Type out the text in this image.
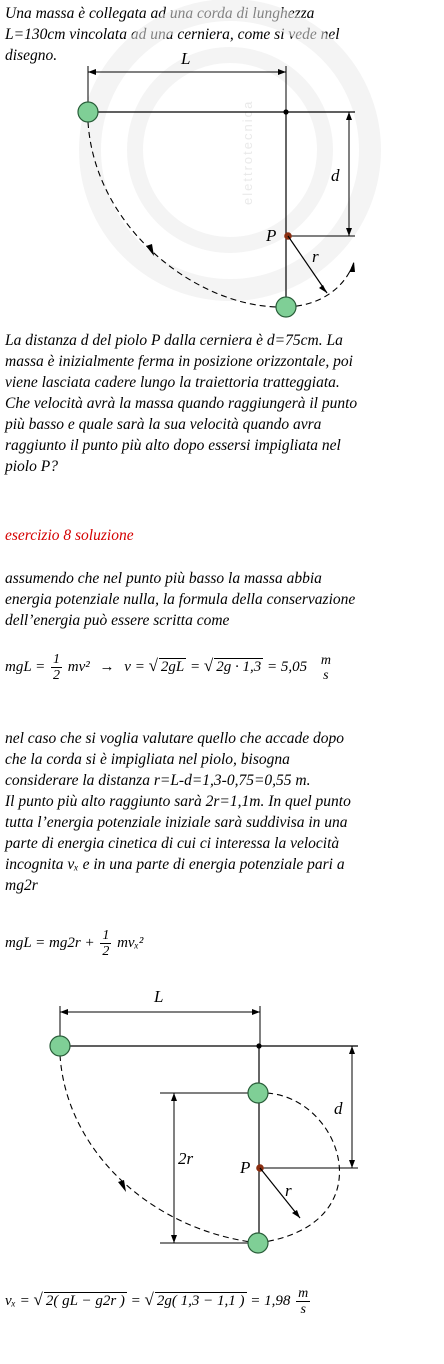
Una massa è collegata ad una corda di lunghezza
L=130cm vincolata ad una cerniera, come si vede nel
disegno.
elettrotecnica
L
d
P
r
L
d
2r	P
r
La distanza d del piolo P dalla cerniera è d=75cm. La
massa è inizialmente ferma in posizione orizzontale, poi
viene lasciata cadere lungo la traiettoria tratteggiata.
Che velocità avrà la massa quando raggiungerà il punto
più basso e quale sarà la sua velocità quando avra
raggiunto il punto più alto dopo essersi impigliata nel
piolo P?
esercizio 8 soluzione
assumendo che nel punto più basso la massa abbia
energia potenziale nulla, la formula della conservazione
dell’energia può essere scritta come
mgL = $\frac{1}{2} mv^2 \to v$ = √ 2gL = √ 2g · 1,3 = 5,05 m
s
nel caso che si voglia valutare quello che accade dopo
che la corda si è impigliata nel piolo, bisogna
considerare la distanza r=L-d=1,3-0,75=0,55 m.
Il punto più alto raggiunto sarà 2r=1,1m. In quel punto
tutta l’energia potenziale iniziale sarà suddivisa in una
parte di energia cinetica di cui ci interessa la velocità
incognita vₓ e in una parte di energia potenziale pari a
mg2r
mgL = $mg2r + \frac{1}{2} mv_x^2$
vₓ = √ 2( gL − g2r ) = √ 2g( 1,3 − 1,1 ) = $1,98 \frac{m}{s}$
